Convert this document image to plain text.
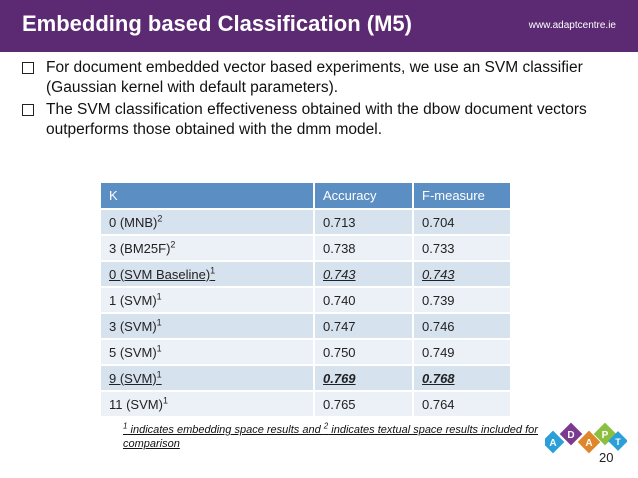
Embedding based Classification (M5)	www.adaptcentre.ie
For document embedded vector based experiments, we use an SVM classifier (Gaussian kernel with default parameters).
The SVM classification effectiveness obtained with the dbow document vectors outperforms those obtained with the dmm model.
K	Accuracy	F-measure
0 (MNB)$^2$	0.713	0.704
3 $(BM25F)^2$	0.738	0.733
0 (SVM Baseline)$^1$	0.743	0.743
1 (SVM)$^1$	0.740	0.739
3 (SVM)$^1$	0.747	0.746
5 (SVM)$^1$	0.750	0.749
9 (SVM)$^1$	0.769	0.768
11 (SVM)$^1$	0.765	0.764
$^1$ indicates embedding space results and $^2$ indicates textual space results included for comparison	A
D
A
P
T
20
